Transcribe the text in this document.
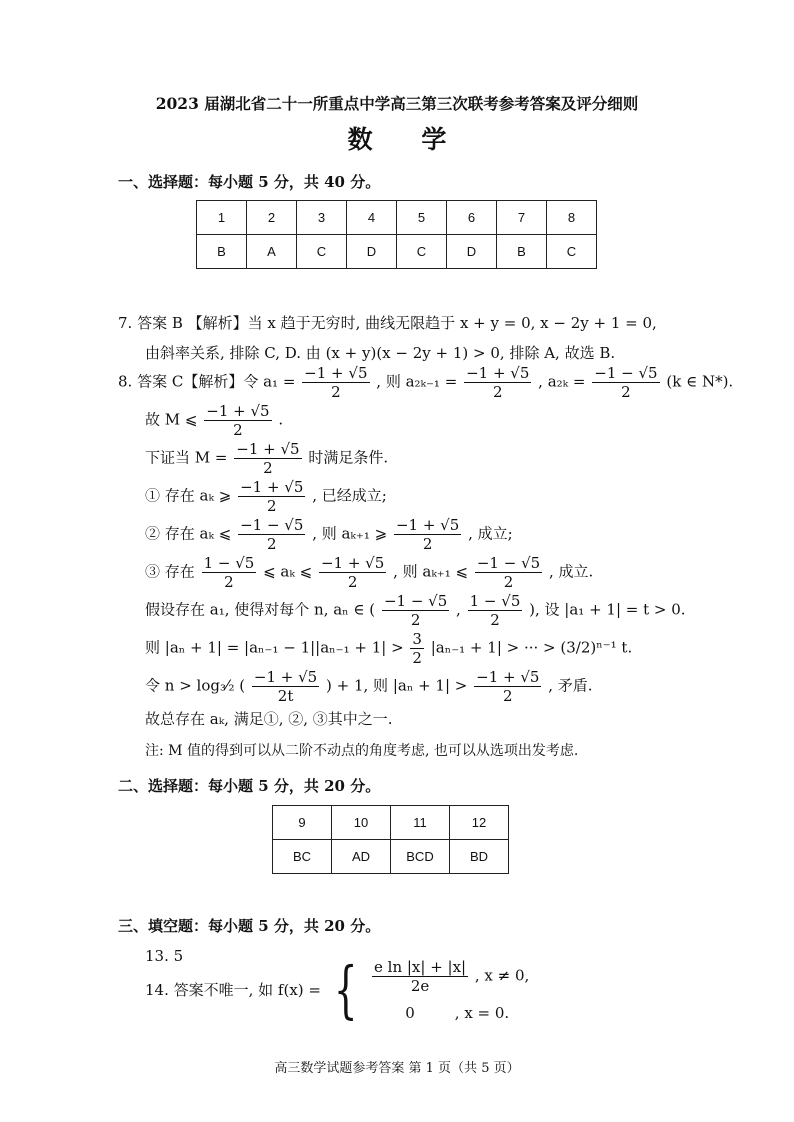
2023 届湖北省二十一所重点中学高三第三次联考参考答案及评分细则
数 学
一、选择题：每小题 5 分，共 40 分。
1	2	3	4	5	6	7	8
B	A	C	D	C	D	B	C
7. 答案 B 【解析】当 x 趋于无穷时, 曲线无限趋于 x + y = 0, x − 2y + 1 = 0,
由斜率关系, 排除 C, D. 由 (x + y)(x − 2y + 1) > 0, 排除 A, 故选 B.
8. 答案 C【解析】令 $a_1 = \frac{-1 + √5}{2}$ , 则 $a_{2k-1} = \frac{-1 + √5}{2}$ , $a_{2k} = \frac{-1 - √5}{2} (k$ ∈ N*).
故 M ⩽ $\frac{-1 + √5}{2}$ .
下证当 $M = \frac{-1 + √5}{2}$ 时满足条件.
① 存在 aₖ ⩾ $\frac{-1 + √5}{2}$ , 已经成立;
② 存在 aₖ ⩽ $\frac{-1 - √5}{2}$ , 则 aₖ₊₁ ⩾ $\frac{-1 + √5}{2}$ , 成立;
③ 存在 $\frac{1 - √5}{2}$ ⩽ aₖ ⩽ $\frac{-1 + √5}{2}$ , 则 aₖ₊₁ ⩽ $\frac{-1 - √5}{2}$ , 成立.
假设存在 a₁, 使得对每个 n, aₙ ∈ ( $\frac{-1 - √5}{2}$ , $\frac{1 - √5}{2}$ ), 设 |a₁ + 1| = t > 0.
则 $|a_n + 1| = |a_{n-1} - 1||a_{n-1} + 1| > \frac{3}{2} |a_{n-1} + 1|$ > ··· > (3/2)ⁿ⁻¹ t.
令 n > log₃⁄₂ ( $\frac{-1 + √5}{2t}$ ) + 1, 则 $|a_n + 1| > \frac{-1 + √5}{2}$ , 矛盾.
故总存在 aₖ, 满足①, ②, ③其中之一.
注: M 值的得到可以从二阶不动点的角度考虑, 也可以从选项出发考虑.
二、选择题：每小题 5 分，共 20 分。
9	10	11	12
BC	AD	BCD	BD
三、填空题：每小题 5 分，共 20 分。
13. 5
14. 答案不唯一, 如 f(x) = { $\frac{\text{e ln |x| + |x|}}{2e}$ , x ≠ 0,
0	, x = 0.
高三数学试题参考答案 第 1 页（共 5 页）
